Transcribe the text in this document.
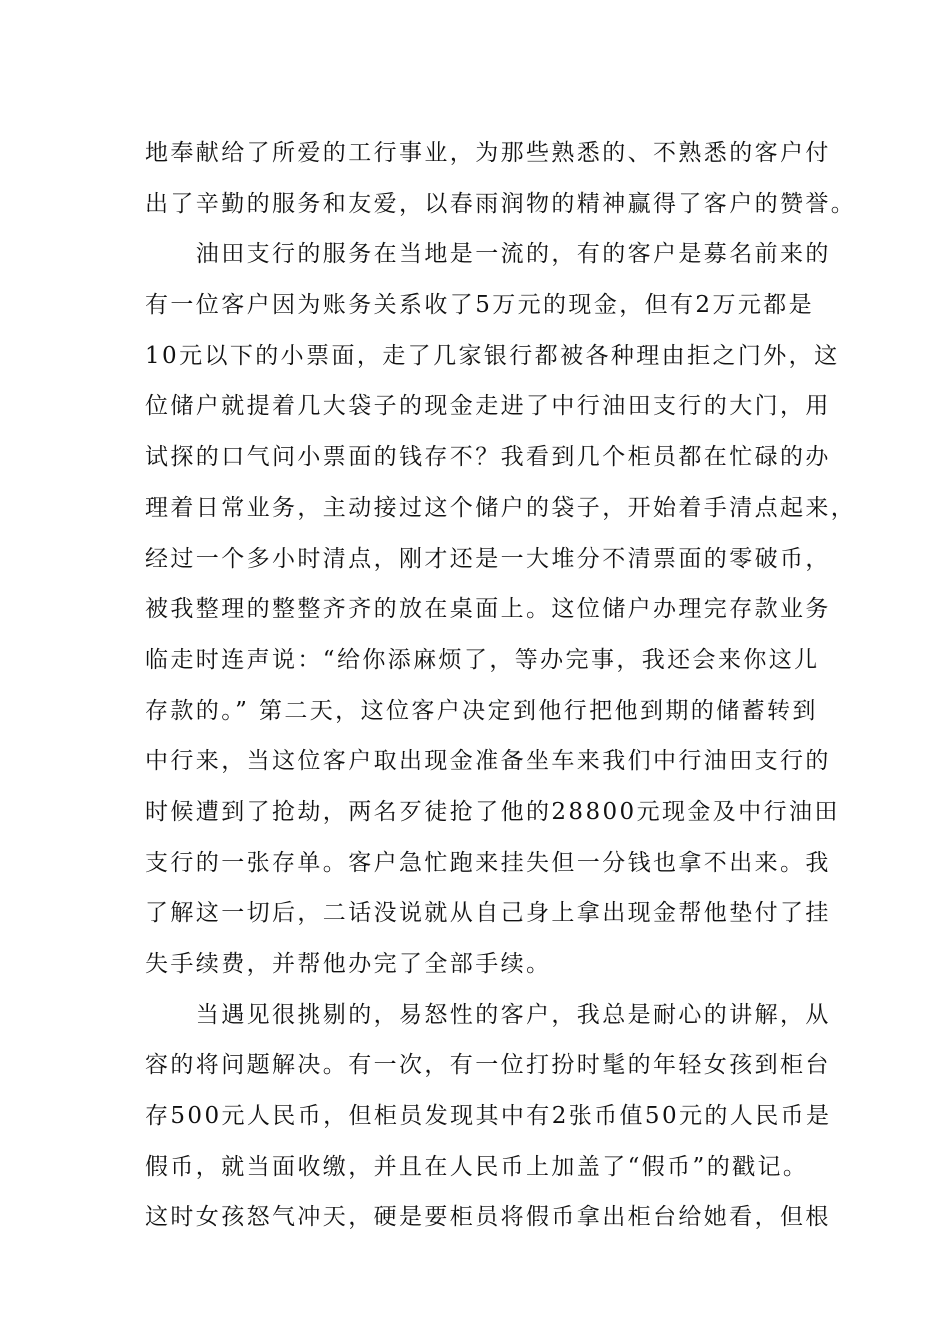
地奉献给了所爱的工行事业，为那些熟悉的、不熟悉的客户付
出了辛勤的服务和友爱，以春雨润物的精神赢得了客户的赞誉。
　　油田支行的服务在当地是一流的，有的客户是募名前来的
有一位客户因为账务关系收了5万元的现金，但有2万元都是
10元以下的小票面，走了几家银行都被各种理由拒之门外，这
位储户就提着几大袋子的现金走进了中行油田支行的大门，用
试探的口气问小票面的钱存不？我看到几个柜员都在忙碌的办
理着日常业务，主动接过这个储户的袋子，开始着手清点起来，
经过一个多小时清点，刚才还是一大堆分不清票面的零破币，
被我整理的整整齐齐的放在桌面上。这位储户办理完存款业务
临走时连声说：“给你添麻烦了，等办完事，我还会来你这儿
存款的。” 第二天，这位客户决定到他行把他到期的储蓄转到
中行来，当这位客户取出现金准备坐车来我们中行油田支行的
时候遭到了抢劫，两名歹徒抢了他的28800元现金及中行油田
支行的一张存单。客户急忙跑来挂失但一分钱也拿不出来。我
了解这一切后，二话没说就从自己身上拿出现金帮他垫付了挂
失手续费，并帮他办完了全部手续。
　　当遇见很挑剔的，易怒性的客户，我总是耐心的讲解，从
容的将问题解决。有一次，有一位打扮时髦的年轻女孩到柜台
存500元人民币，但柜员发现其中有2张币值50元的人民币是
假币，就当面收缴，并且在人民币上加盖了“假币”的戳记。
这时女孩怒气冲天，硬是要柜员将假币拿出柜台给她看，但根
